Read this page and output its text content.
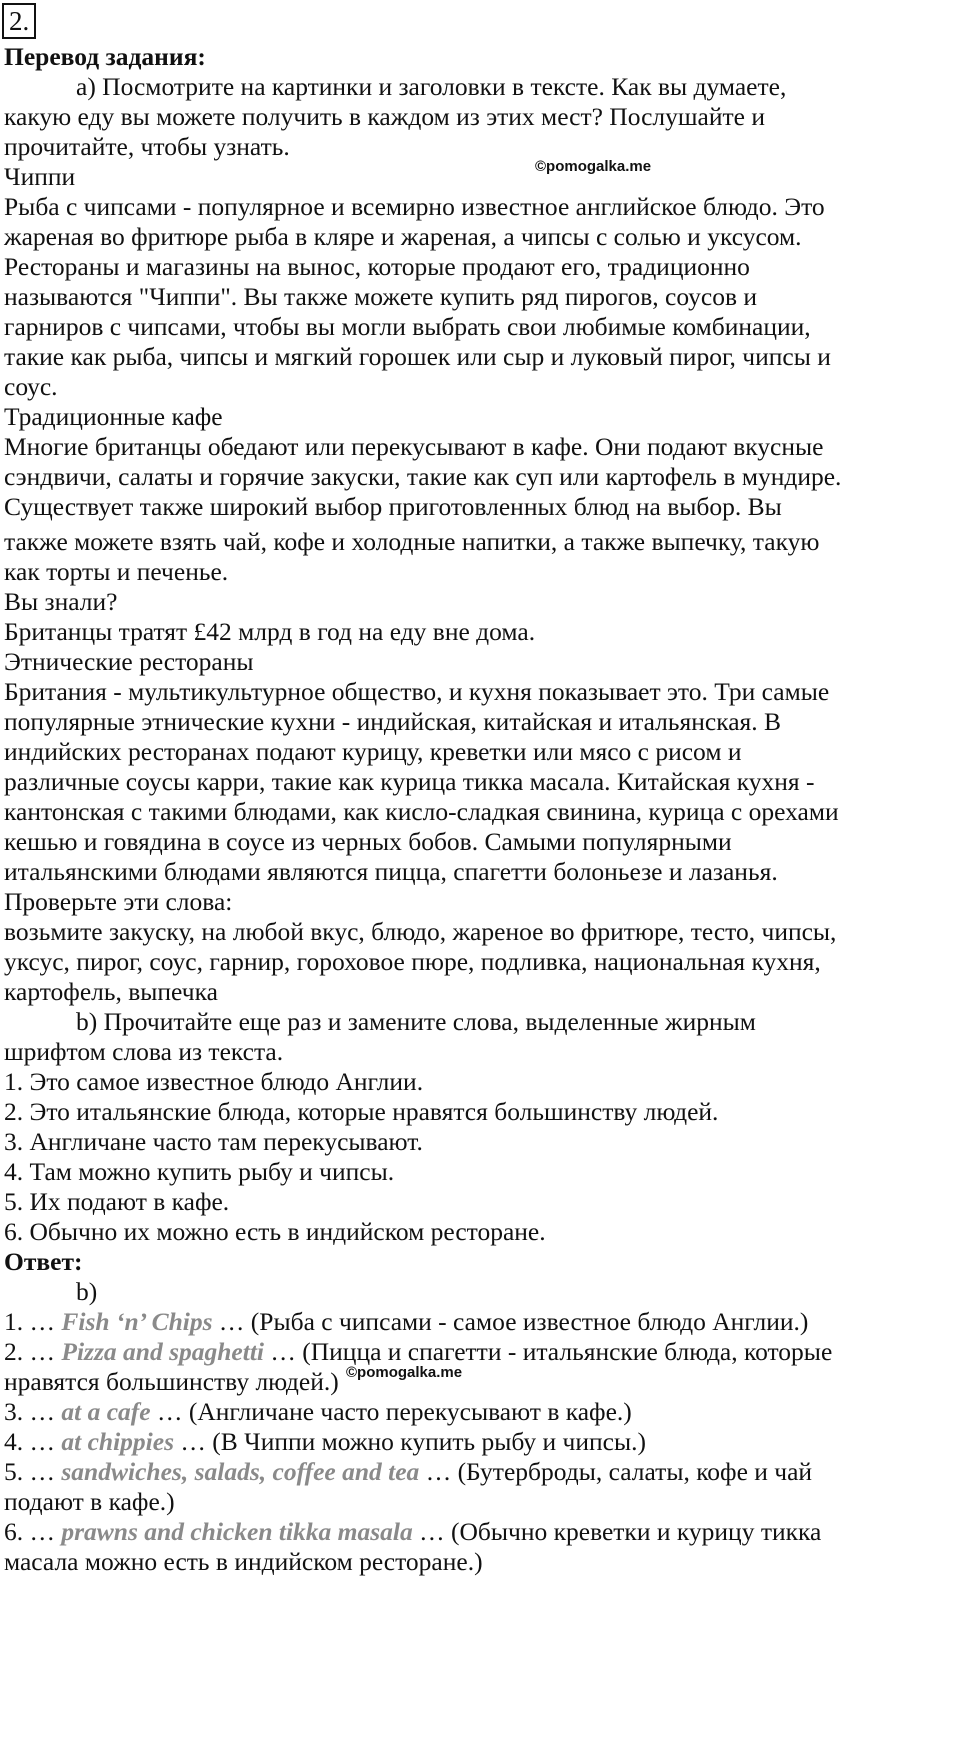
2.
Перевод задания:
а) Посмотрите на картинки и заголовки в тексте. Как вы думаете,
какую еду вы можете получить в каждом из этих мест? Послушайте и
прочитайте, чтобы узнать.
©pomogalka.me
Чиппи
Рыба с чипсами - популярное и всемирно известное английское блюдо. Это
жареная во фритюре рыба в кляре и жареная, а чипсы с солью и уксусом.
Рестораны и магазины на вынос, которые продают его, традиционно
называются "Чиппи". Вы также можете купить ряд пирогов, соусов и
гарниров с чипсами, чтобы вы могли выбрать свои любимые комбинации,
такие как рыба, чипсы и мягкий горошек или сыр и луковый пирог, чипсы и
соус.
Традиционные кафе
Многие британцы обедают или перекусывают в кафе. Они подают вкусные
сэндвичи, салаты и горячие закуски, такие как суп или картофель в мундире.
Существует также широкий выбор приготовленных блюд на выбор. Вы
также можете взять чай, кофе и холодные напитки, а также выпечку, такую
как торты и печенье.
Вы знали?
Британцы тратят £42 млрд в год на еду вне дома.
Этнические рестораны
Британия - мультикультурное общество, и кухня показывает это. Три самые
популярные этнические кухни - индийская, китайская и итальянская. В
индийских ресторанах подают курицу, креветки или мясо с рисом и
различные соусы карри, такие как курица тикка масала. Китайская кухня -
кантонская с такими блюдами, как кисло-сладкая свинина, курица с орехами
кешью и говядина в соусе из черных бобов. Самыми популярными
итальянскими блюдами являются пицца, спагетти болоньезе и лазанья.
Проверьте эти слова:
возьмите закуску, на любой вкус, блюдо, жареное во фритюре, тесто, чипсы,
уксус, пирог, соус, гарнир, гороховое пюре, подливка, национальная кухня,
картофель, выпечка
b) Прочитайте еще раз и замените слова, выделенные жирным
шрифтом слова из текста.
1. Это самое известное блюдо Англии.
2. Это итальянские блюда, которые нравятся большинству людей.
3. Англичане часто там перекусывают.
4. Там можно купить рыбу и чипсы.
5. Их подают в кафе.
6. Обычно их можно есть в индийском ресторане.
Ответ:
b)
1. … Fish ‘n’ Chips … (Рыба с чипсами - самое известное блюдо Англии.)
2. … Pizza and spaghetti … (Пицца и спагетти - итальянские блюда, которые
нравятся большинству людей.) ©pomogalka.me
3. … at a cafe … (Англичане часто перекусывают в кафе.)
4. … at chippies … (В Чиппи можно купить рыбу и чипсы.)
5. … sandwiches, salads, coffee and tea … (Бутерброды, салаты, кофе и чай
подают в кафе.)
6. … prawns and chicken tikka masala … (Обычно креветки и курицу тикка
масала можно есть в индийском ресторане.)
